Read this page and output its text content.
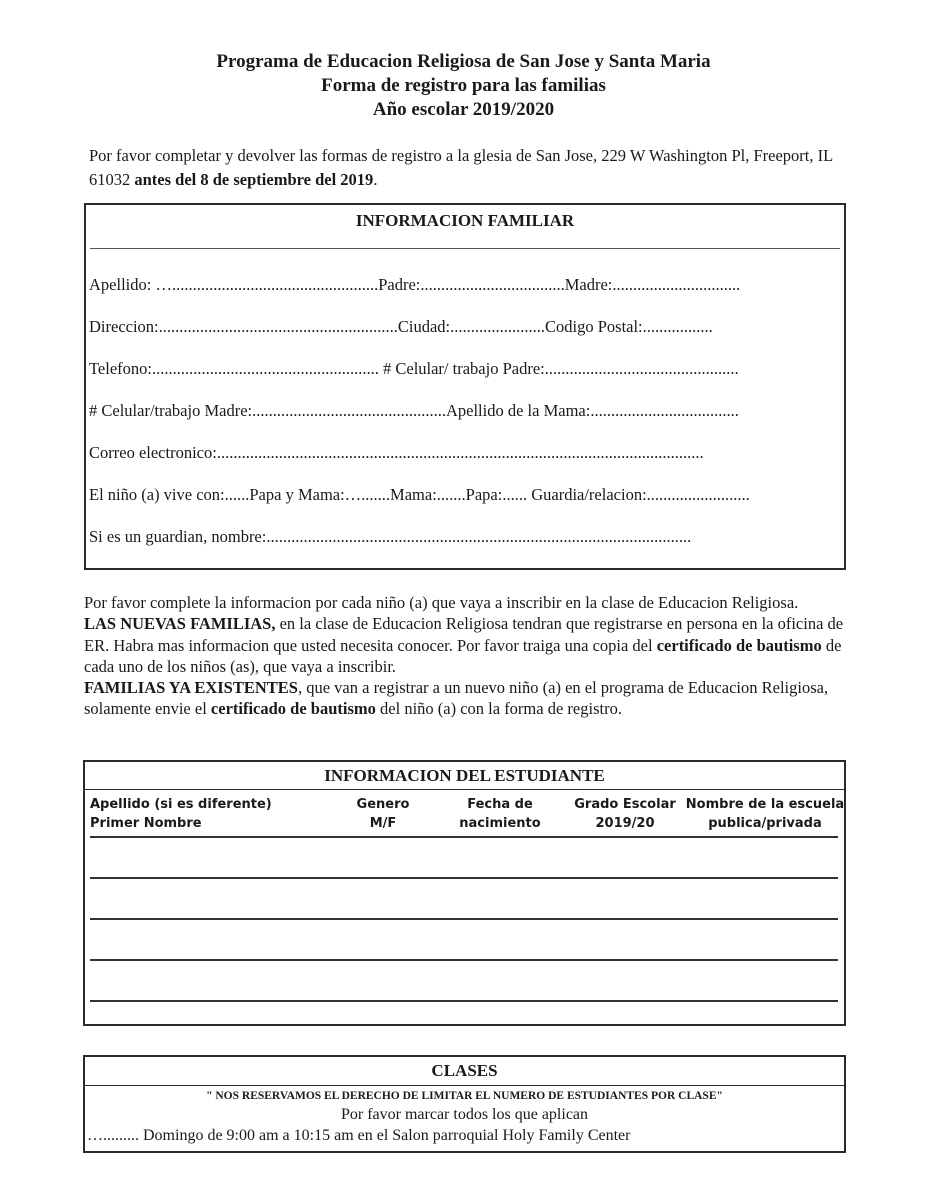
Programa de Educacion Religiosa de San Jose y Santa Maria
Forma de registro para las familias
Año escolar 2019/2020
Por favor completar y devolver las formas de registro a la glesia de San Jose, 229 W Washington Pl, Freeport, IL 61032 antes del 8 de septiembre del 2019.
INFORMACION FAMILIAR
Apellido: …..................................................Padre:...................................Madre:...............................
Direccion:..........................................................Ciudad:.......................Codigo Postal:.................
Telefono:....................................................... # Celular/ trabajo Padre:...............................................
# Celular/trabajo Madre:...............................................Apellido de la Mama:....................................
Correo electronico:......................................................................................................................
El niño (a) vive con:......Papa y Mama:….......Mama:.......Papa:...... Guardia/relacion:.........................
Si es un guardian, nombre:.......................................................................................................
Por favor complete la informacion por cada niño (a) que vaya a inscribir en la clase de Educacion Religiosa.
LAS NUEVAS FAMILIAS, en la clase de Educacion Religiosa tendran que registrarse en persona en la oficina de ER. Habra mas informacion que usted necesita conocer. Por favor traiga una copia del certificado de bautismo de cada uno de los niños (as), que vaya a inscribir.
FAMILIAS YA EXISTENTES, que van a registrar a un nuevo niño (a) en el programa de Educacion Religiosa, solamente envie el certificado de bautismo del niño (a) con la forma de registro.
INFORMACION DEL ESTUDIANTE
Apellido (si es diferente)
Primer Nombre
Genero
M/F
Fecha de
nacimiento
Grado Escolar
2019/20
Nombre de la escuela
publica/privada
CLASES
" NOS RESERVAMOS EL DERECHO DE LIMITAR EL NUMERO DE ESTUDIANTES POR CLASE"
Por favor marcar todos los que aplican
…......... Domingo de 9:00 am a 10:15 am en el Salon parroquial Holy Family Center
